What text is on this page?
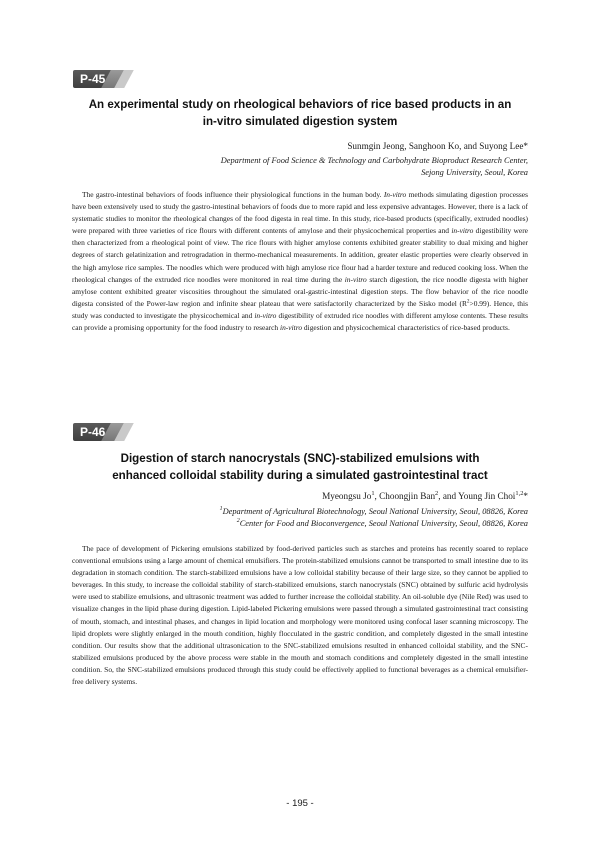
P-45
An experimental study on rheological behaviors of rice based products in an
in-vitro simulated digestion system
Sunmgin Jeong, Sanghoon Ko, and Suyong Lee*
Department of Food Science & Technology and Carbohydrate Bioproduct Research Center,
Sejong University, Seoul, Korea

The gastro-intestinal behaviors of foods influence their physiological functions in the human body. In-vitro methods simulating digestion processes have been extensively used to study the gastro-intestinal behaviors of foods due to more rapid and less expensive advantages. However, there is a lack of systematic studies to monitor the rheological changes of the food digesta in real time. In this study, rice-based products (specifically, extruded noodles) were prepared with three varieties of rice flours with different contents of amylose and their physicochemical properties and in-vitro digestibility were then characterized from a rheological point of view. The rice flours with higher amylose contents exhibited greater stability to dual mixing and higher degrees of starch gelatinization and retrogradation in thermo-mechanical measurements. In addition, greater elastic properties were clearly observed in the high amylose rice samples. The noodles which were produced with high amylose rice flour had a harder texture and reduced cooking loss. When the rheological changes of the extruded rice noodles were monitored in real time during the in-vitro starch digestion, the rice noodle digesta with higher amylose content exhibited greater viscosities throughout the simulated oral-gastric-intestinal digestion steps. The flow behavior of the rice noodle digesta consisted of the Power-law region and infinite shear plateau that were satisfactorily characterized by the Sisko model $(R^2>0.99)$. Hence, this study was conducted to investigate the physicochemical and in-vitro digestibility of extruded rice noodles with different amylose contents. These results can provide a promising opportunity for the food industry to research in-vitro digestion and physicochemical characteristics of rice-based products.

P-46
Digestion of starch nanocrystals (SNC)-stabilized emulsions with
enhanced colloidal stability during a simulated gastrointestinal tract
Myeongsu Jo$^1$, Choongjin Ban$^2$, and Young Jin Choi$^{1,2}$*
$^1$Department of Agricultural Biotechnology, Seoul National University, Seoul, 08826, Korea
$^2$Center for Food and Bioconvergence, Seoul National University, Seoul, 08826, Korea

The pace of development of Pickering emulsions stabilized by food-derived particles such as starches and proteins has recently soared to replace conventional emulsions using a large amount of chemical emulsifiers. The protein-stabilized emulsions cannot be transported to small intestine due to its degradation in stomach condition. The starch-stabilized emulsions have a low colloidal stability because of their large size, so they cannot be applied to beverages. In this study, to increase the colloidal stability of starch-stabilized emulsions, starch nanocrystals (SNC) obtained by sulfuric acid hydrolysis were used to stabilize emulsions, and ultrasonic treatment was added to further increase the colloidal stability. An oil-soluble dye (Nile Red) was used to visualize changes in the lipid phase during digestion. Lipid-labeled Pickering emulsions were passed through a simulated gastrointestinal tract consisting of mouth, stomach, and intestinal phases, and changes in lipid location and morphology were monitored using confocal laser scanning microscopy. The lipid droplets were slightly enlarged in the mouth condition, highly flocculated in the gastric condition, and completely digested in the small intestine condition. Our results show that the additional ultrasonication to the SNC-stabilized emulsions resulted in enhanced colloidal stability, and the SNC-stabilized emulsions produced by the above process were stable in the mouth and stomach conditions and completely digested in the small intestine condition. So, the SNC-stabilized emulsions produced through this study could be effectively applied to functional beverages as a chemical emulsifier-free delivery systems.

- 195 -
